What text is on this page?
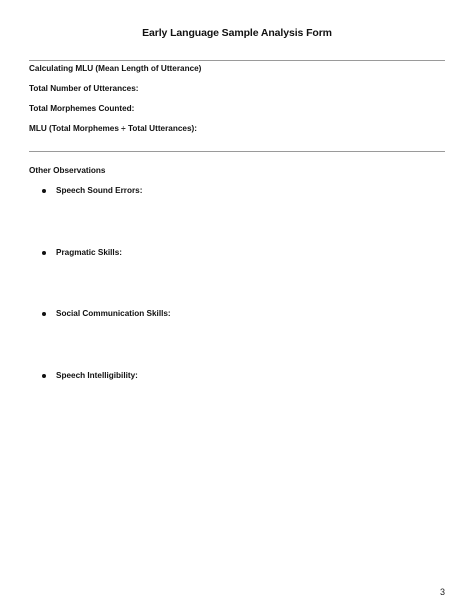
Early Language Sample Analysis Form
Calculating MLU (Mean Length of Utterance)
Total Number of Utterances:
Total Morphemes Counted:
MLU (Total Morphemes ÷ Total Utterances):
Other Observations
Speech Sound Errors:
Pragmatic Skills:
Social Communication Skills:
Speech Intelligibility:
3
